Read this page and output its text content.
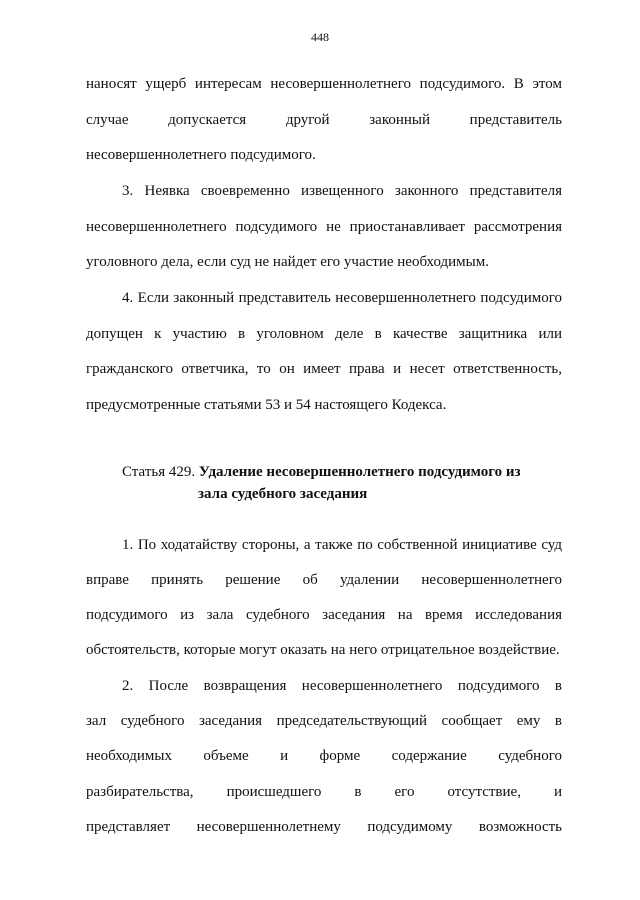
448
наносят ущерб интересам несовершеннолетнего подсудимого. В этом
случае допускается другой законный представитель
несовершеннолетнего подсудимого.
3. Неявка своевременно извещенного законного представителя
несовершеннолетнего подсудимого не приостанавливает рассмотрения
уголовного дела, если суд не найдет его участие необходимым.
4. Если законный представитель несовершеннолетнего подсудимого
допущен к участию в уголовном деле в качестве защитника или
гражданского ответчика, то он имеет права и несет ответственность,
предусмотренные статьями 53 и 54 настоящего Кодекса.
Статья 429. Удаление несовершеннолетнего подсудимого из
зала судебного заседания
1. По ходатайству стороны, а также по собственной инициативе суд
вправе принять решение об удалении несовершеннолетнего
подсудимого из зала судебного заседания на время исследования
обстоятельств, которые могут оказать на него отрицательное воздействие.
2. После возвращения несовершеннолетнего подсудимого в
зал судебного заседания председательствующий сообщает ему в
необходимых объеме и форме содержание судебного
разбирательства, происшедшего в его отсутствие, и
представляет несовершеннолетнему подсудимому возможность
